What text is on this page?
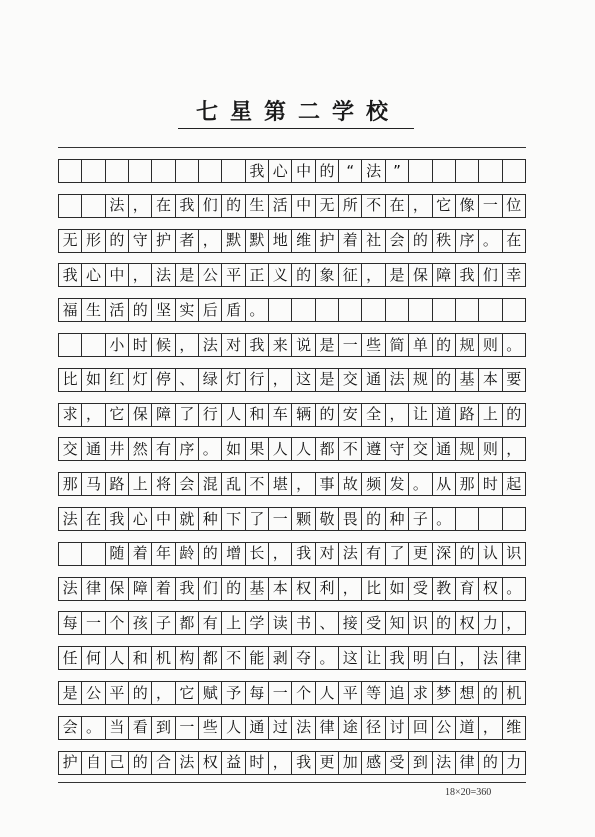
七星第二学校
我 心 中 的 “ 法 ”
法 ， 在 我 们 的 生 活 中 无 所 不 在 ， 它 像 一 位
无 形 的 守 护 者 ， 默 默 地 维 护 着 社 会 的 秩 序 。 在
我 心 中 ， 法 是 公 平 正 义 的 象 征 ， 是 保 障 我 们 幸
福 生 活 的 坚 实 后 盾 。
小 时 候 ， 法 对 我 来 说 是 一 些 简 单 的 规 则 。
比 如 红 灯 停 、 绿 灯 行 ， 这 是 交 通 法 规 的 基 本 要
求 ， 它 保 障 了 行 人 和 车 辆 的 安 全 ， 让 道 路 上 的
交 通 井 然 有 序 。 如 果 人 人 都 不 遵 守 交 通 规 则 ，
那 马 路 上 将 会 混 乱 不 堪 ， 事 故 频 发 。 从 那 时 起
法 在 我 心 中 就 种 下 了 一 颗 敬 畏 的 种 子 。
随 着 年 龄 的 增 长 ， 我 对 法 有 了 更 深 的 认 识
法 律 保 障 着 我 们 的 基 本 权 利 ， 比 如 受 教 育 权 。
每 一 个 孩 子 都 有 上 学 读 书 、 接 受 知 识 的 权 力 ，
任 何 人 和 机 构 都 不 能 剥 夺 。 这 让 我 明 白 ， 法 律
是 公 平 的 ， 它 赋 予 每 一 个 人 平 等 追 求 梦 想 的 机
会 。 当 看 到 一 些 人 通 过 法 律 途 径 讨 回 公 道 ， 维
护 自 己 的 合 法 权 益 时 ， 我 更 加 感 受 到 法 律 的 力
18×20=360
